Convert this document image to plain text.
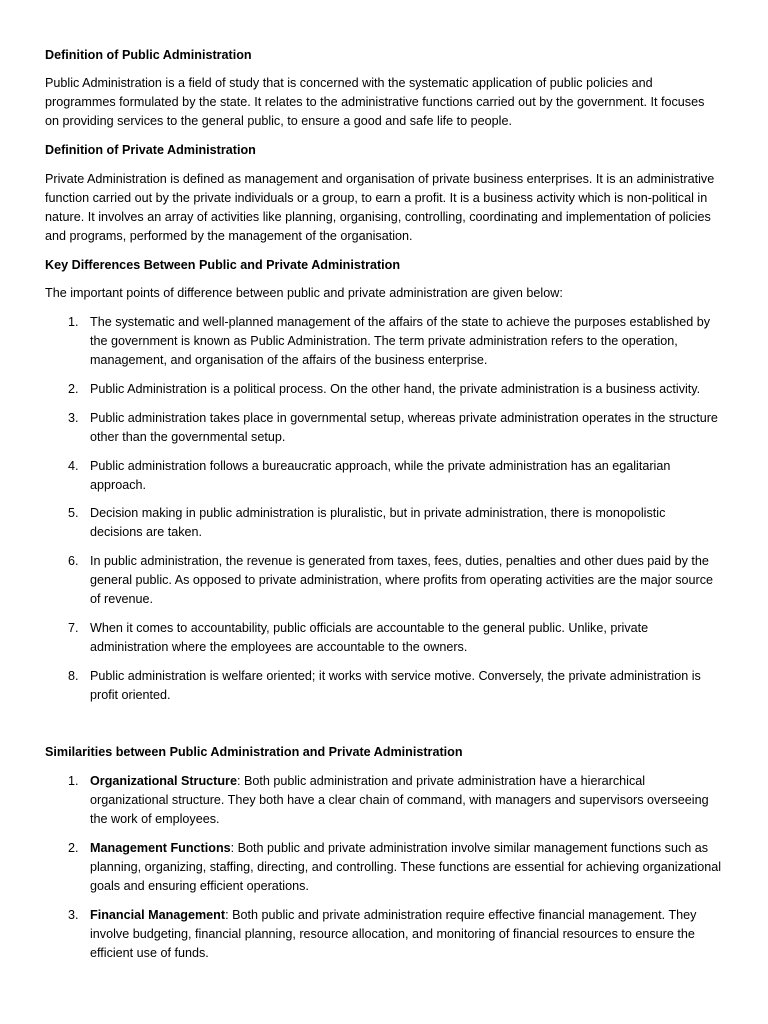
Definition of Public Administration
Public Administration is a field of study that is concerned with the systematic application of public policies and programmes formulated by the state. It relates to the administrative functions carried out by the government. It focuses on providing services to the general public, to ensure a good and safe life to people.
Definition of Private Administration
Private Administration is defined as management and organisation of private business enterprises. It is an administrative function carried out by the private individuals or a group, to earn a profit. It is a business activity which is non-political in nature. It involves an array of activities like planning, organising, controlling, coordinating and implementation of policies and programs, performed by the management of the organisation.
Key Differences Between Public and Private Administration
The important points of difference between public and private administration are given below:
1. The systematic and well-planned management of the affairs of the state to achieve the purposes established by the government is known as Public Administration. The term private administration refers to the operation, management, and organisation of the affairs of the business enterprise.
2. Public Administration is a political process. On the other hand, the private administration is a business activity.
3. Public administration takes place in governmental setup, whereas private administration operates in the structure other than the governmental setup.
4. Public administration follows a bureaucratic approach, while the private administration has an egalitarian approach.
5. Decision making in public administration is pluralistic, but in private administration, there is monopolistic decisions are taken.
6. In public administration, the revenue is generated from taxes, fees, duties, penalties and other dues paid by the general public. As opposed to private administration, where profits from operating activities are the major source of revenue.
7. When it comes to accountability, public officials are accountable to the general public. Unlike, private administration where the employees are accountable to the owners.
8. Public administration is welfare oriented; it works with service motive. Conversely, the private administration is profit oriented.
Similarities between Public Administration and Private Administration
1. Organizational Structure: Both public administration and private administration have a hierarchical organizational structure. They both have a clear chain of command, with managers and supervisors overseeing the work of employees.
2. Management Functions: Both public and private administration involve similar management functions such as planning, organizing, staffing, directing, and controlling. These functions are essential for achieving organizational goals and ensuring efficient operations.
3. Financial Management: Both public and private administration require effective financial management. They involve budgeting, financial planning, resource allocation, and monitoring of financial resources to ensure the efficient use of funds.
